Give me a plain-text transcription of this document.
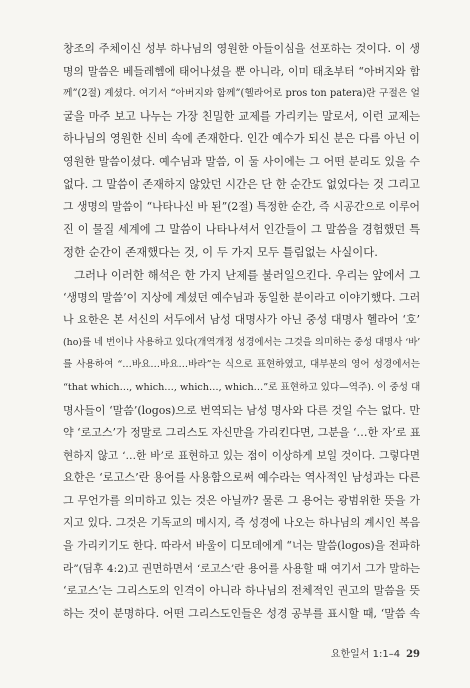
창조의 주체이신 성부 하나님의 영원한 아들이심을 선포하는 것이다. 이 생

명의 말씀은 베들레헴에 태어나셨을 뿐 아니라, 이미 태초부터 “아버지와 함

께”(2절) 계셨다. 여기서 “아버지와 함께”(헬라어로 pros ton patera)란 구절은 얼

굴을 마주 보고 나누는 가장 친밀한 교제를 가리키는 말로서, 이런 교제는

하나님의 영원한 신비 속에 존재한다. 인간 예수가 되신 분은 다름 아닌 이

영원한 말씀이셨다. 예수님과 말씀, 이 둘 사이에는 그 어떤 분리도 있을 수

없다. 그 말씀이 존재하지 않았던 시간은 단 한 순간도 없었다는 것 그리고

그 생명의 말씀이 “나타나신 바 된”(2절) 특정한 순간, 즉 시공간으로 이루어

진 이 물질 세계에 그 말씀이 나타나셔서 인간들이 그 말씀을 경험했던 특

정한 순간이 존재했다는 것, 이 두 가지 모두 틀림없는 사실이다.

그러나 이러한 해석은 한 가지 난제를 불러일으킨다. 우리는 앞에서 그

‘생명의 말씀’이 지상에 계셨던 예수님과 동일한 분이라고 이야기했다. 그러

나 요한은 본 서신의 서두에서 남성 대명사가 아닌 중성 대명사 헬라어 ‘호’

(ho)를 네 번이나 사용하고 있다(개역개정 성경에서는 그것을 의미하는 중성 대명사 ‘바’

를 사용하여 “…바요…바요…바라”는 식으로 표현하였고, 대부분의 영어 성경에서는

“that which…, which…, which…, which…”로 표현하고 있다—역주). 이 중성 대

명사들이 ‘말씀’(logos)으로 번역되는 남성 명사와 다른 것일 수는 없다. 만

약 ‘로고스’가 정말로 그리스도 자신만을 가리킨다면, 그분을 ‘…한 자’로 표

현하지 않고 ‘…한 바’로 표현하고 있는 점이 이상하게 보일 것이다. 그렇다면

요한은 ‘로고스’란 용어를 사용함으로써 예수라는 역사적인 남성과는 다른

그 무언가를 의미하고 있는 것은 아닐까? 물론 그 용어는 광범위한 뜻을 가

지고 있다. 그것은 기독교의 메시지, 즉 성경에 나오는 하나님의 계시인 복음

을 가리키기도 한다. 따라서 바울이 디모데에게 “너는 말씀(logos)을 전파하

라”(딤후 4:2)고 권면하면서 ‘로고스’란 용어를 사용할 때 여기서 그가 말하는

‘로고스’는 그리스도의 인격이 아니라 하나님의 전체적인 권고의 말씀을 뜻

하는 것이 분명하다. 어떤 그리스도인들은 성경 공부를 표시할 때, ‘말씀 속

요한일서 1:1–4 29
